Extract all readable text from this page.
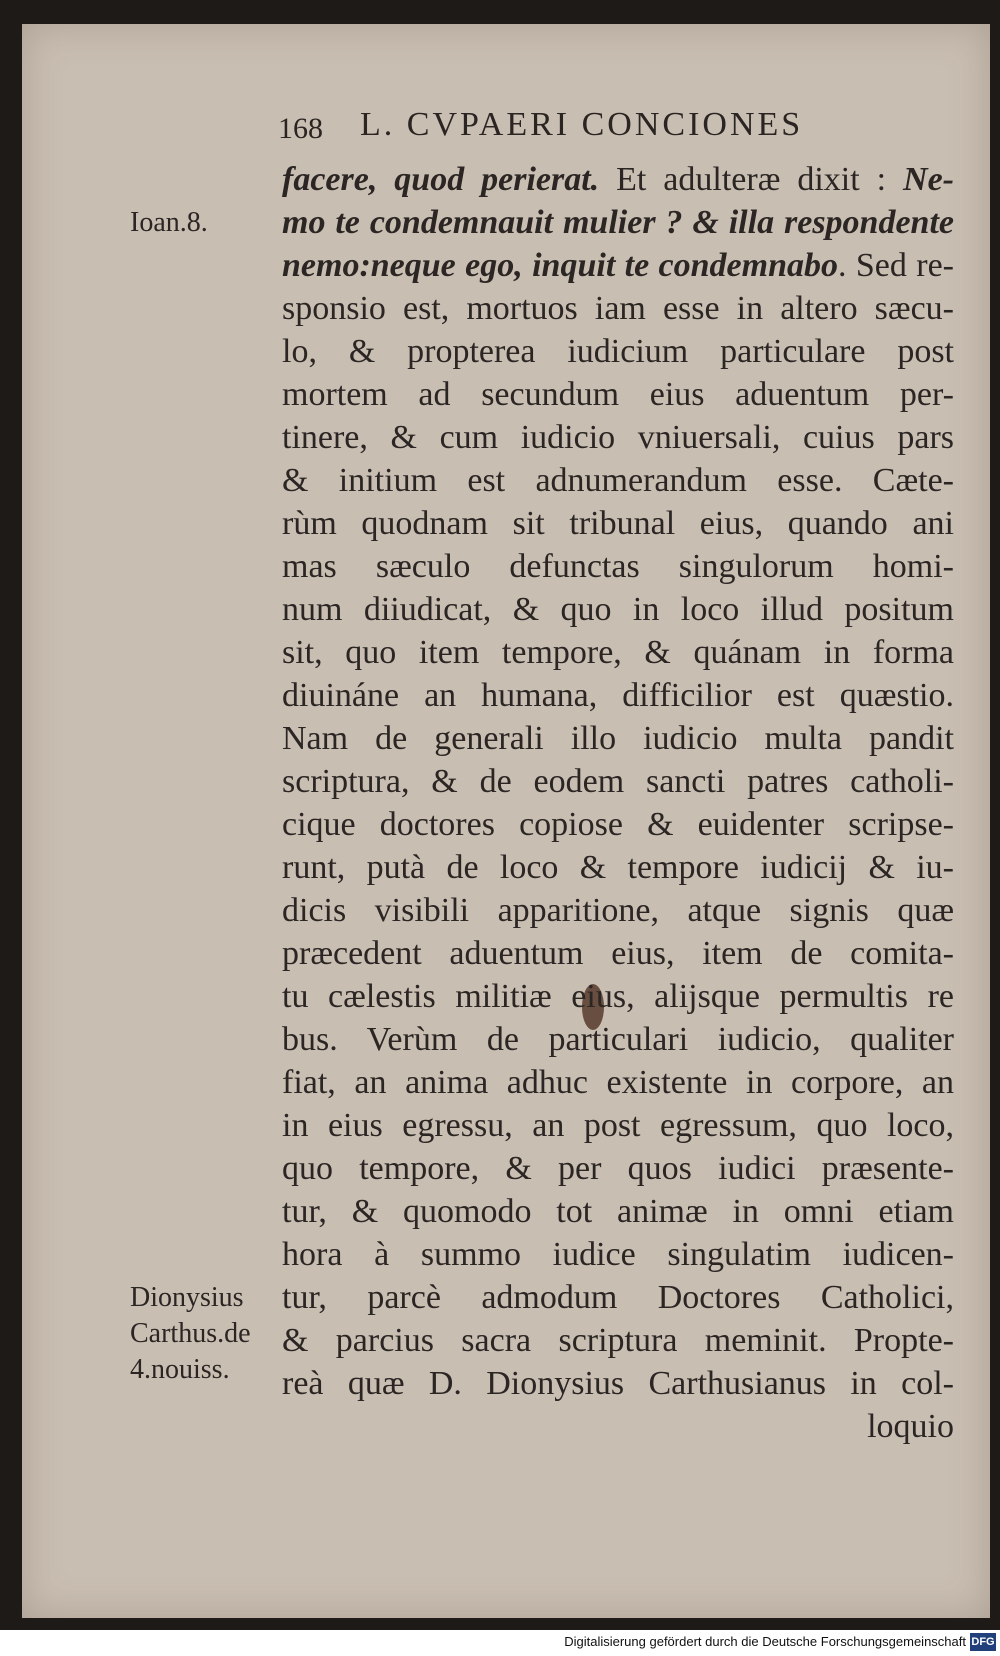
168 L. CVPAERI CONCIONES
Ioan.8.
Dionysius
Carthus.de
4.nouiss.
facere, quod perierat. Et adulteræ dixit : Ne-
mo te condemnauit mulier ? & illa respondente
nemo:neque ego, inquit te condemnabo. Sed re-
sponsio est, mortuos iam esse in altero sæcu-
lo, & propterea iudicium particulare post
mortem ad secundum eius aduentum per-
tinere, & cum iudicio vniuersali, cuius pars
& initium est adnumerandum esse. Cæte-
rùm quodnam sit tribunal eius, quando ani
mas sæculo defunctas singulorum homi-
num diiudicat, & quo in loco illud positum
sit, quo item tempore, & quánam in forma
diuináne an humana, difficilior est quæstio.
Nam de generali illo iudicio multa pandit
scriptura, & de eodem sancti patres catholi-
cique doctores copiose & euidenter scripse-
runt, putà de loco & tempore iudicij & iu-
dicis visibili apparitione, atque signis quæ
præcedent aduentum eius, item de comita-
tu cælestis militiæ eius, alijsque permultis re
bus. Verùm de particulari iudicio, qualiter
fiat, an anima adhuc existente in corpore, an
in eius egressu, an post egressum, quo loco,
quo tempore, & per quos iudici præsente-
tur, & quomodo tot animæ in omni etiam
hora à summo iudice singulatim iudicen-
tur, parcè admodum Doctores Catholici,
& parcius sacra scriptura meminit. Propte-
reà quæ D. Dionysius Carthusianus in col-
loquio
Digitalisierung gefördert durch die Deutsche Forschungsgemeinschaft DFG
